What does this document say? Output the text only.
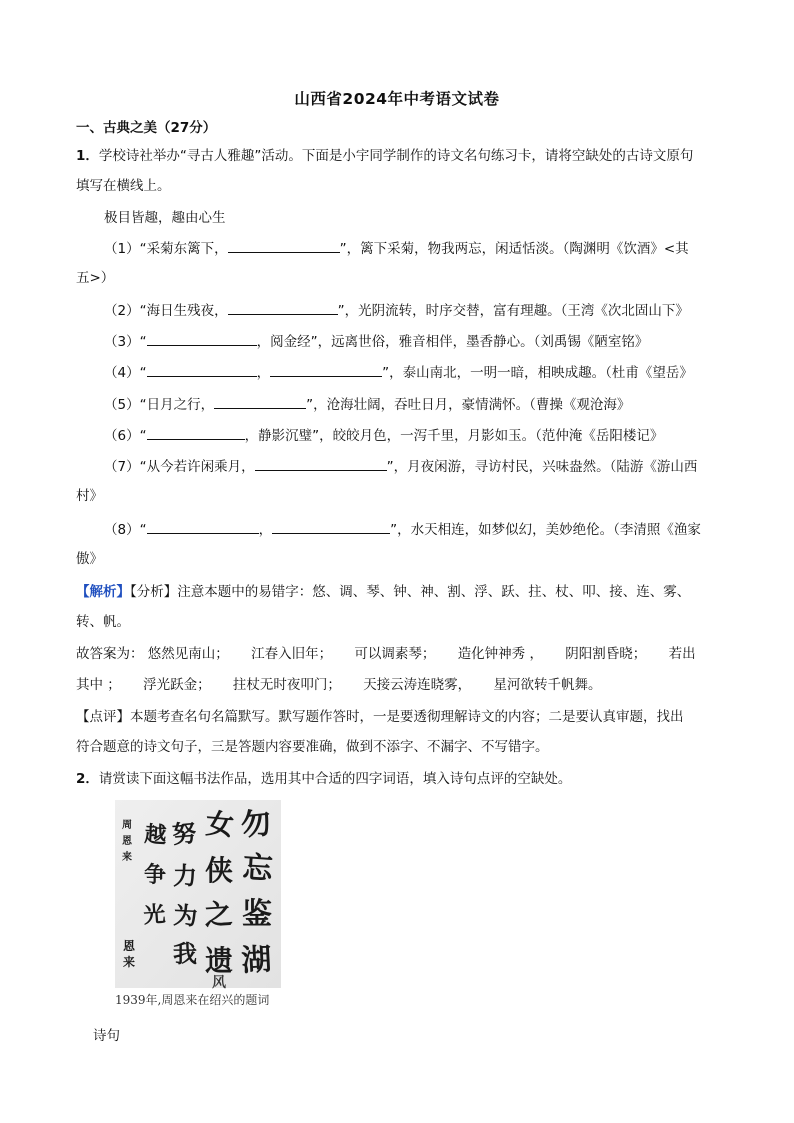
山西省2024年中考语文试卷
一、古典之美（27分）
1．学校诗社举办“寻古人雅趣”活动。下面是小宇同学制作的诗文名句练习卡，请将空缺处的古诗文原句
填写在横线上。
极目皆趣，趣由心生
（1）“采菊东篱下，	”，篱下采菊，物我两忘，闲适恬淡。（陶渊明《饮酒》<其
五>）
（2）“海日生残夜，	”，光阴流转，时序交替，富有理趣。（王湾《次北固山下》
（3）“	，阅金经”，远离世俗，雅音相伴，墨香静心。（刘禹锡《陋室铭》
（4）“	，	”，泰山南北，一明一暗，相映成趣。（杜甫《望岳》
（5）“日月之行，	”，沧海壮阔，吞吐日月，豪情满怀。（曹操《观沧海》
（6）“	，静影沉璧”，皎皎月色，一泻千里，月影如玉。（范仲淹《岳阳楼记》
（7）“从今若许闲乘月，	”，月夜闲游，寻访村民，兴味盎然。（陆游《游山西
村》
（8）“	，	”，水天相连，如梦似幻，美妙绝伦。（李清照《渔家
傲》
【解析】【分析】注意本题中的易错字：悠、调、琴、钟、神、割、浮、跃、拄、杖、叩、接、连、雾、
转、帆。
故答案为： 悠然见南山； 江春入旧年； 可以调素琴； 造化钟神秀 ， 阴阳割昏晓； 若出
其中 ； 浮光跃金； 拄杖无时夜叩门； 天接云涛连晓雾， 星河欲转千帆舞。
【点评】本题考查名句名篇默写。默写题作答时，一是要透彻理解诗文的内容；二是要认真审题，找出
符合题意的诗文句子，三是答题内容要准确，做到不添字、不漏字、不写错字。
2．请赏读下面这幅书法作品，选用其中合适的四字词语，填入诗句点评的空缺处。
勿
忘
鉴
湖
女
侠
之
遗
风
努
力
为
我
越
争
光
周
恩
来
恩
来
1939年,周恩来在绍兴的题词
诗句
